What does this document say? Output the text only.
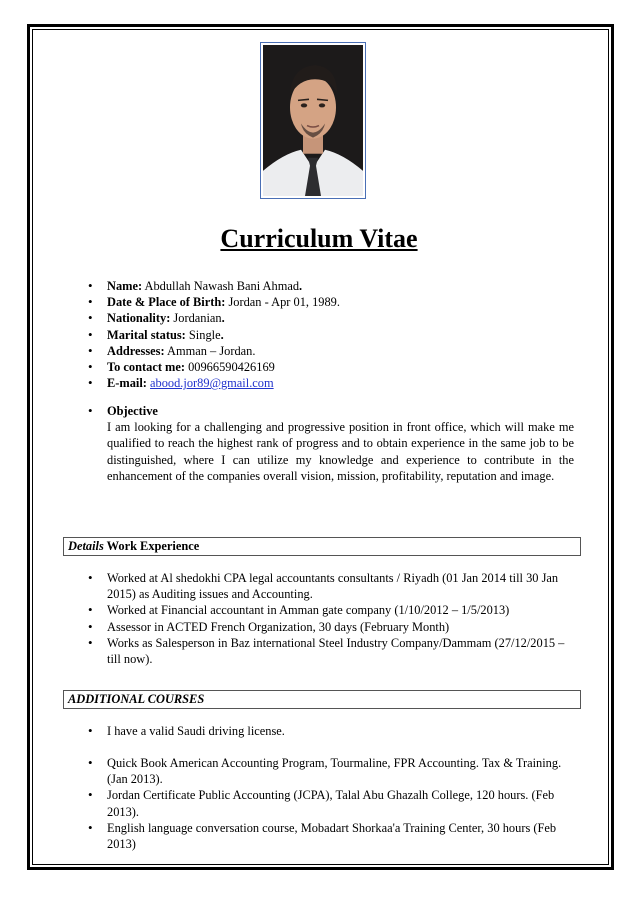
Curriculum Vitae
• Name: Abdullah Nawash Bani Ahmad.
• Date & Place of Birth: Jordan - Apr 01, 1989.
• Nationality: Jordanian.
• Marital status: Single.
• Addresses: Amman – Jordan.
• To contact me: 00966590426169
• E-mail: abood.jor89@gmail.com
• Objective
I am looking for a challenging and progressive position in front office, which will make me qualified to reach the highest rank of progress and to obtain experience in the same job to be distinguished, where I can utilize my knowledge and experience to contribute in the enhancement of the companies overall vision, mission, profitability, reputation and image.
Details Work Experience
• Worked at Al shedokhi CPA legal accountants consultants / Riyadh (01 Jan 2014 till 30 Jan 2015) as Auditing issues and Accounting.
• Worked at Financial accountant in Amman gate company (1/10/2012 – 1/5/2013)
• Assessor in ACTED French Organization, 30 days (February Month)
• Works as Salesperson in Baz international Steel Industry Company/Dammam (27/12/2015 – till now).
ADDITIONAL COURSES
• I have a valid Saudi driving license.
• Quick Book American Accounting Program, Tourmaline, FPR Accounting. Tax & Training.(Jan 2013).
• Jordan Certificate Public Accounting (JCPA), Talal Abu Ghazalh College, 120 hours. (Feb 2013).
• English language conversation course, Mobadart Shorkaa'a Training Center, 30 hours (Feb 2013)
